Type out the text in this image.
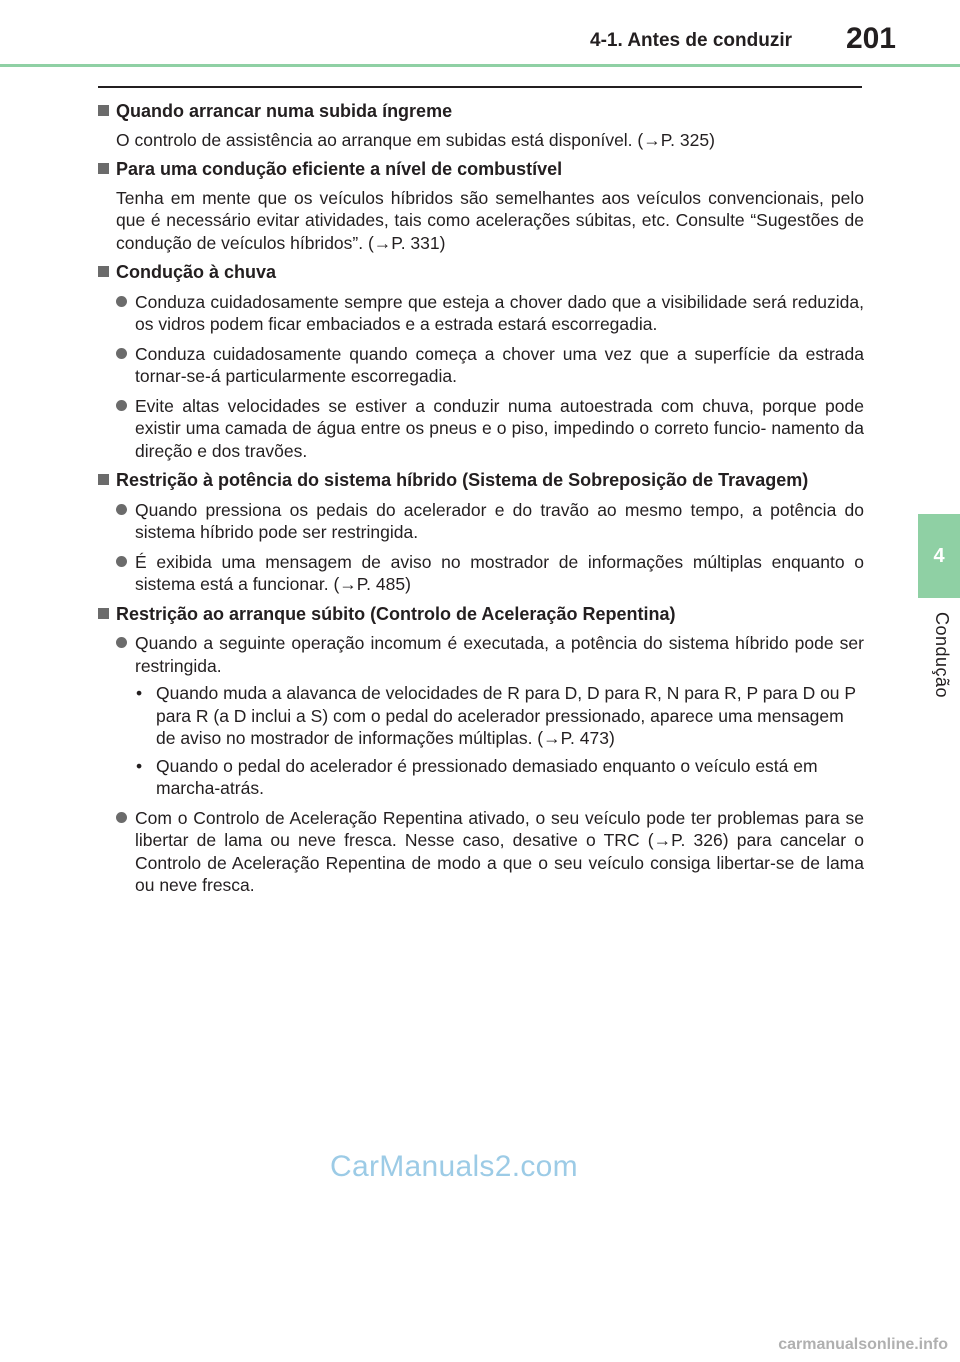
4-1. Antes de conduzir 201
4
Condução
Quando arrancar numa subida íngreme

O controlo de assistência ao arranque em subidas está disponível. (→P. 325)

Para uma condução eficiente a nível de combustível

Tenha em mente que os veículos híbridos são semelhantes aos veículos convencionais, pelo que é necessário evitar atividades, tais como acelerações súbitas, etc. Consulte “Sugestões de condução de veículos híbridos”. (→P. 331)

Condução à chuva
Conduza cuidadosamente sempre que esteja a chover dado que a visibilidade será reduzida, os vidros podem ficar embaciados e a estrada estará escorregadia.
Conduza cuidadosamente quando começa a chover uma vez que a superfície da estrada tornar-se-á particularmente escorregadia.
Evite altas velocidades se estiver a conduzir numa autoestrada com chuva, porque pode existir uma camada de água entre os pneus e o piso, impedindo o correto funcio- namento da direção e dos travões.
Restrição à potência do sistema híbrido (Sistema de Sobreposição de Travagem)
Quando pressiona os pedais do acelerador e do travão ao mesmo tempo, a potência do sistema híbrido pode ser restringida.
É exibida uma mensagem de aviso no mostrador de informações múltiplas enquanto o sistema está a funcionar. (→P. 485)
Restrição ao arranque súbito (Controlo de Aceleração Repentina)
Quando a seguinte operação incomum é executada, a potência do sistema híbrido pode ser restringida.
• Quando muda a alavanca de velocidades de R para D, D para R, N para R, P para D ou P para R (a D inclui a S) com o pedal do acelerador pressionado, aparece uma mensagem de aviso no mostrador de informações múltiplas. (→P. 473)
• Quando o pedal do acelerador é pressionado demasiado enquanto o veículo está em marcha-atrás.
Com o Controlo de Aceleração Repentina ativado, o seu veículo pode ter problemas para se libertar de lama ou neve fresca. Nesse caso, desative o TRC (→P. 326) para cancelar o Controlo de Aceleração Repentina de modo a que o seu veículo consiga libertar-se de lama ou neve fresca.
CarManuals2.com
carmanualsonline.info
